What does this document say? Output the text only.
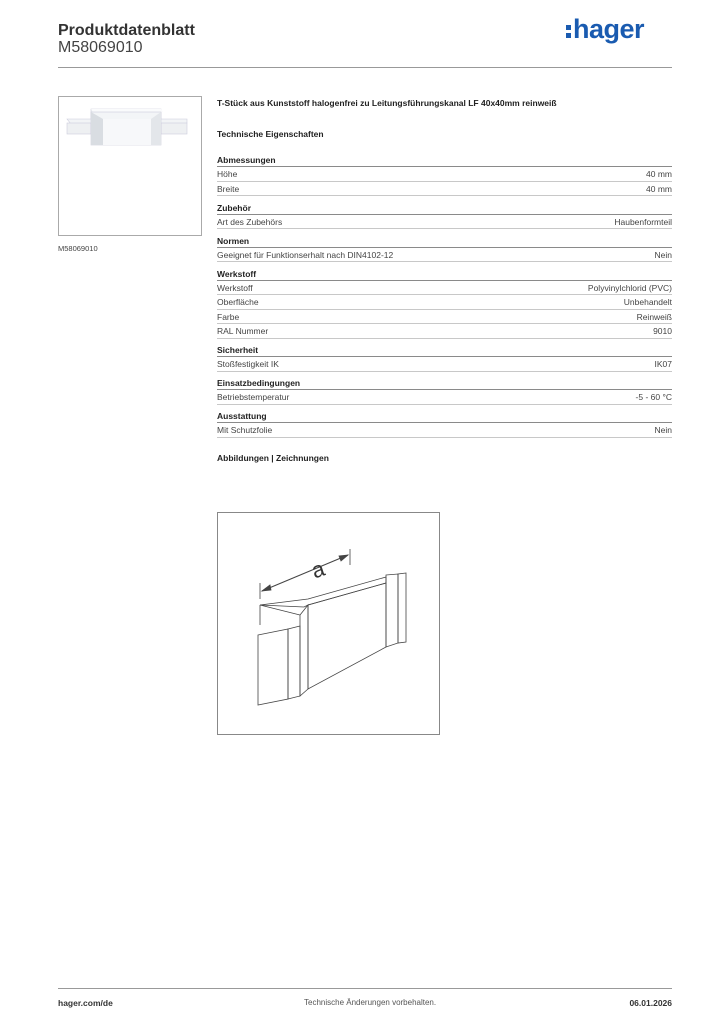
Produktdatenblatt
M58069010
hager
M58069010
T-Stück aus Kunststoff halogenfrei zu Leitungsführungskanal LF 40x40mm reinweiß
Technische Eigenschaften
Abmessungen
Höhe	40 mm
Breite	40 mm
Zubehör
Art des Zubehörs	Haubenformteil
Normen
Geeignet für Funktionserhalt nach DIN4102-12	Nein
Werkstoff
Werkstoff	Polyvinylchlorid (PVC)
Oberfläche	Unbehandelt
Farbe	Reinweiß
RAL Nummer	9010
Sicherheit
Stoßfestigkeit IK	IK07
Einsatzbedingungen
Betriebstemperatur	-5 - 60 °C
Ausstattung
Mit Schutzfolie	Nein
Abbildungen | Zeichnungen
a
hager.com/de	Technische Änderungen vorbehalten.	06.01.2026
